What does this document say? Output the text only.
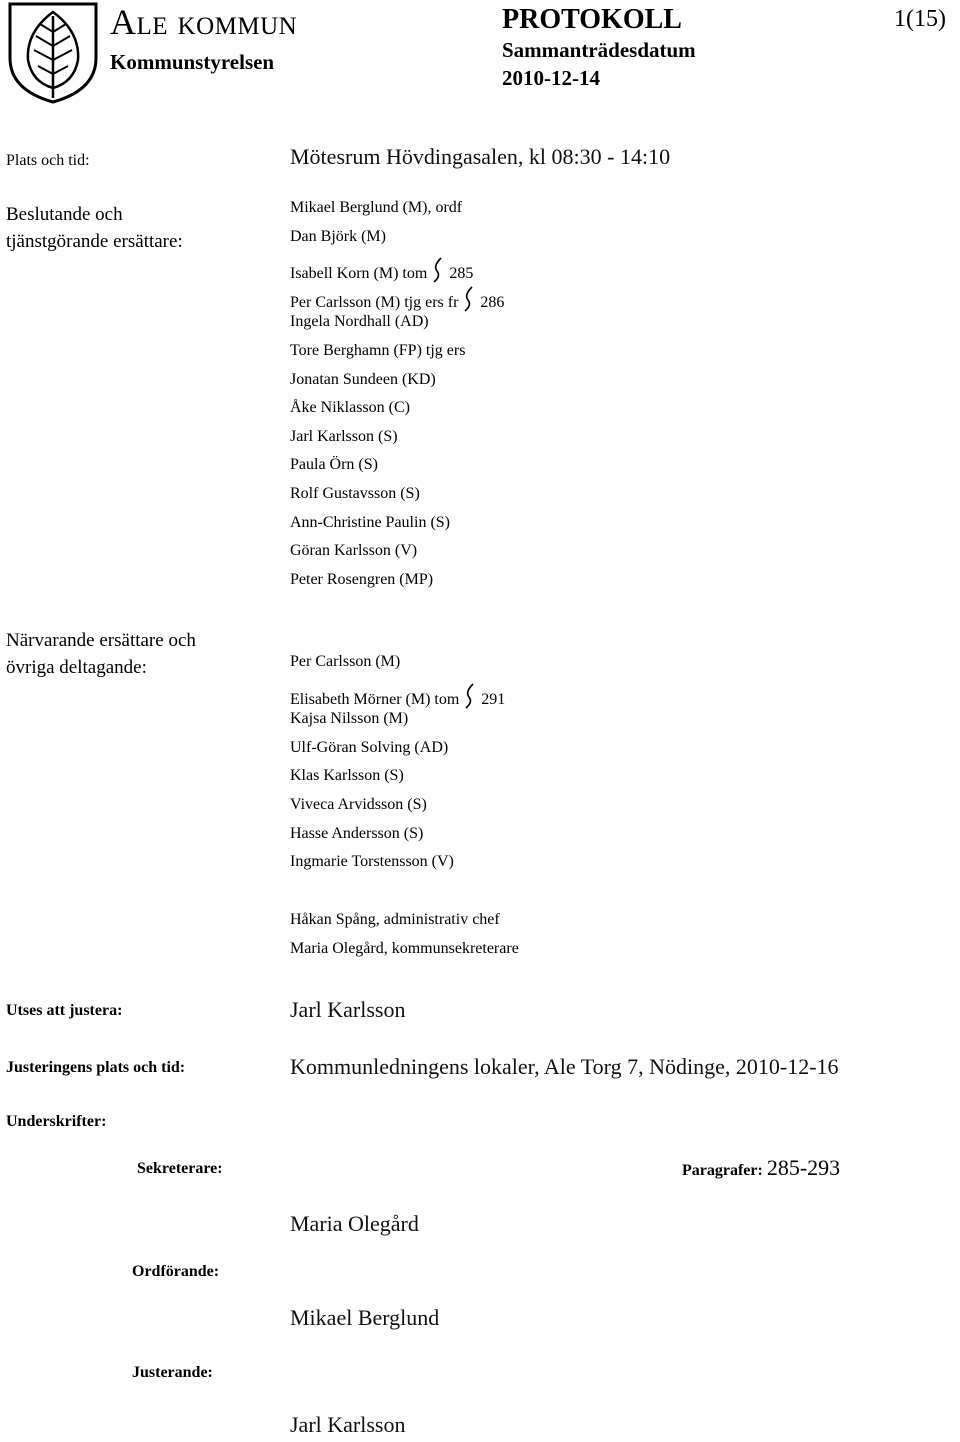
Ale kommun
Kommunstyrelsen
PROTOKOLL
Sammanträdesdatum
2010-12-14
1(15)
Plats och tid:	Mötesrum Hövdingasalen, kl 08:30 - 14:10
Beslutande och
tjänstgörande ersättare:
Mikael Berglund (M), ordf
Dan Björk (M)
Isabell Korn (M) tom 285
Per Carlsson (M) tjg ers fr 286
Ingela Nordhall (AD)
Tore Berghamn (FP) tjg ers
Jonatan Sundeen (KD)
Åke Niklasson (C)
Jarl Karlsson (S)
Paula Örn (S)
Rolf Gustavsson (S)
Ann-Christine Paulin (S)
Göran Karlsson (V)
Peter Rosengren (MP)
Närvarande ersättare och
övriga deltagande:	Per Carlsson (M)
Elisabeth Mörner (M) tom 291
Kajsa Nilsson (M)
Ulf-Göran Solving (AD)
Klas Karlsson (S)
Viveca Arvidsson (S)
Hasse Andersson (S)
Ingmarie Torstensson (V)
Håkan Spång, administrativ chef
Maria Olegård, kommunsekreterare
Utses att justera:	Jarl Karlsson
Justeringens plats och tid:	Kommunledningens lokaler, Ale Torg 7, Nödinge, 2010-12-16
Underskrifter:
Sekreterare:	Paragrafer: 285-293
Maria Olegård
Ordförande:
Mikael Berglund
Justerande:
Jarl Karlsson
